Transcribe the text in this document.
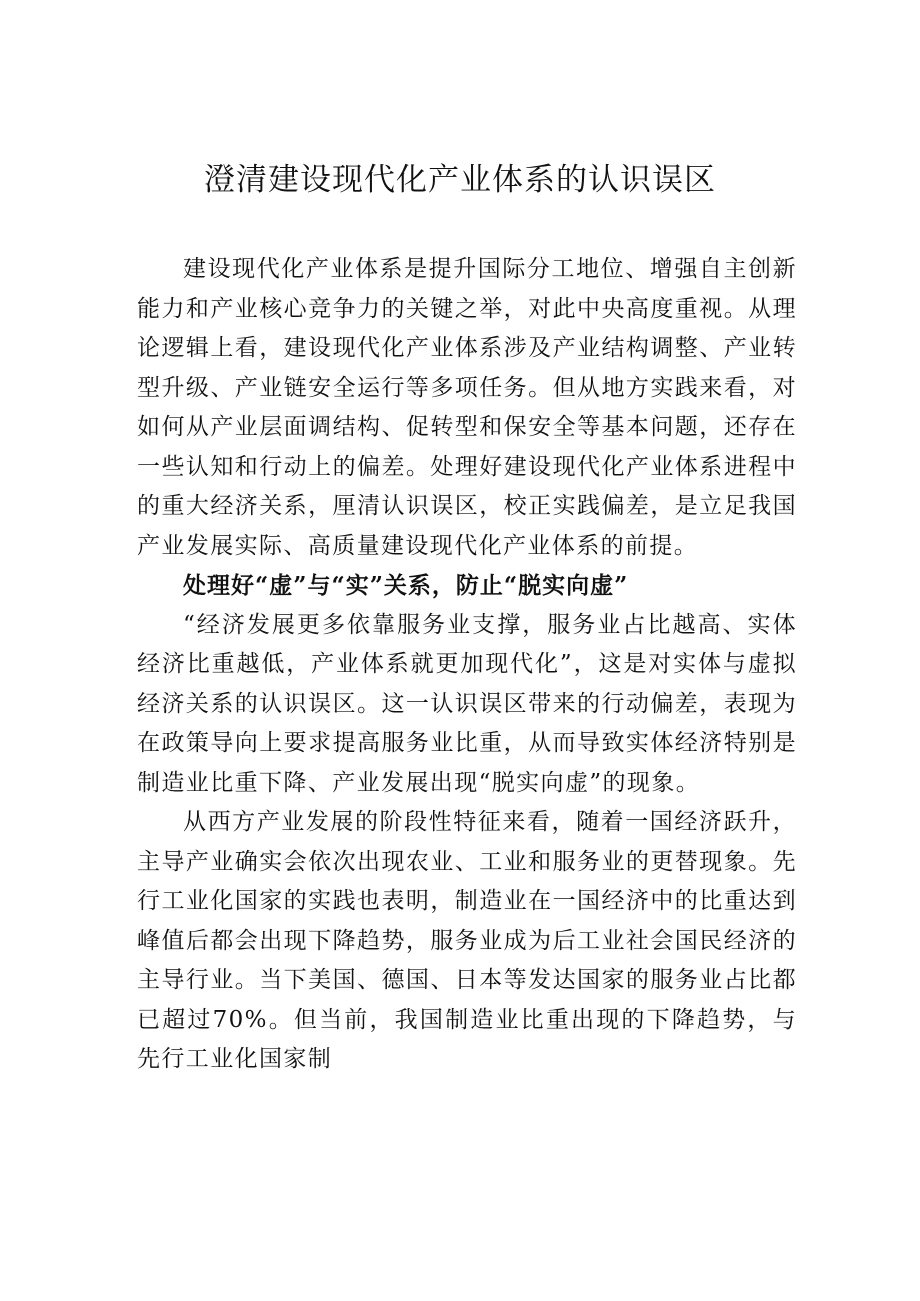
澄清建设现代化产业体系的认识误区

建设现代化产业体系是提升国际分工地位、增强自主创新能力和产业核心竞争力的关键之举，对此中央高度重视。从理论逻辑上看，建设现代化产业体系涉及产业结构调整、产业转型升级、产业链安全运行等多项任务。但从地方实践来看，对如何从产业层面调结构、促转型和保安全等基本问题，还存在一些认知和行动上的偏差。处理好建设现代化产业体系进程中的重大经济关系，厘清认识误区，校正实践偏差，是立足我国产业发展实际、高质量建设现代化产业体系的前提。

处理好“虚”与“实”关系，防止“脱实向虚”

“经济发展更多依靠服务业支撑，服务业占比越高、实体经济比重越低，产业体系就更加现代化”，这是对实体与虚拟经济关系的认识误区。这一认识误区带来的行动偏差，表现为在政策导向上要求提高服务业比重，从而导致实体经济特别是制造业比重下降、产业发展出现“脱实向虚”的现象。

从西方产业发展的阶段性特征来看，随着一国经济跃升，主导产业确实会依次出现农业、工业和服务业的更替现象。先行工业化国家的实践也表明，制造业在一国经济中的比重达到峰值后都会出现下降趋势，服务业成为后工业社会国民经济的主导行业。当下美国、德国、日本等发达国家的服务业占比都已超过70%。但当前，我国制造业比重出现的下降趋势，与先行工业化国家制
